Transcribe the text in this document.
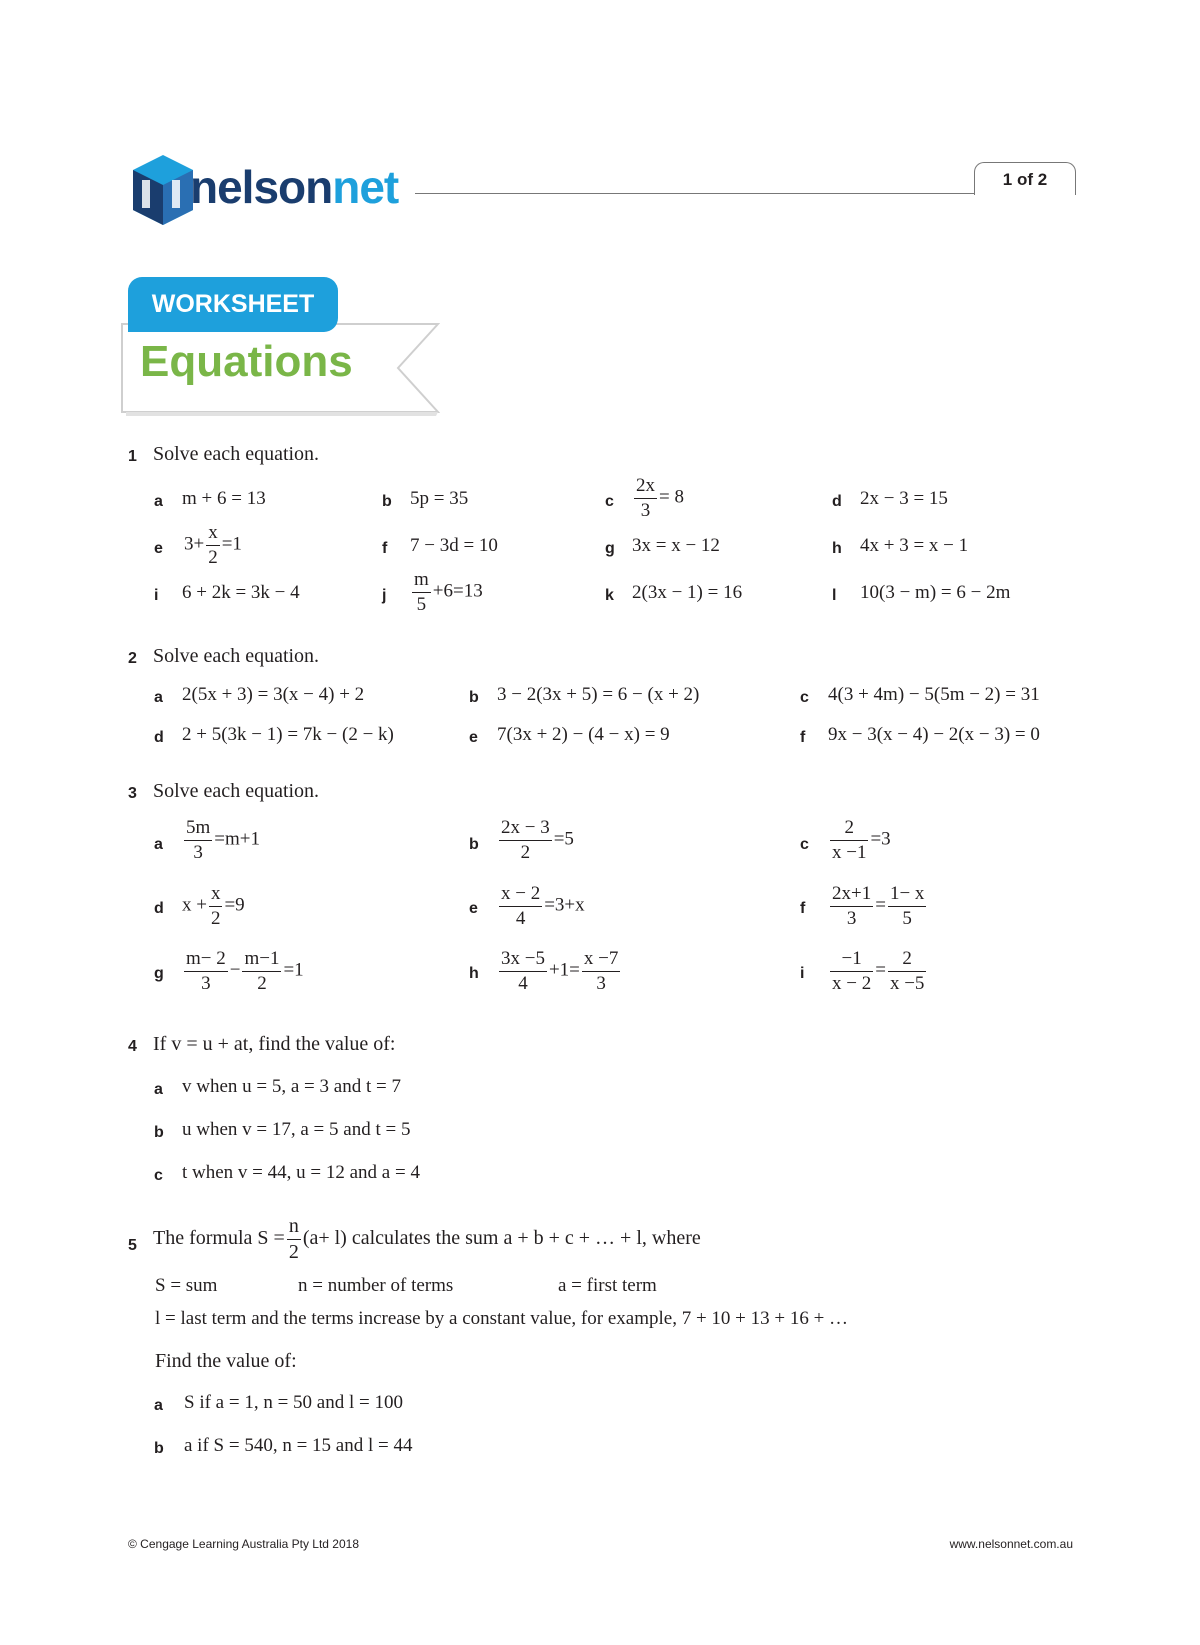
nelsonnet	1 of 2
WORKSHEET
Equations
1 Solve each equation.
a m + 6 = 13	b 5p = 35	c $\frac{2x}{3} = 8$	d 2x − 3 = 15
e $3+ \frac{x}{2} =1$	f 7 − 3d = 10	g 3x = x − 12	h 4x + 3 = x − 1
i 6 + 2k = 3k − 4	j $\frac{m}{5} +6=13$	k 2(3x − 1) = 16	l 10(3 − m) = 6 − 2m
2 Solve each equation.
a 2(5x + 3) = 3(x − 4) + 2	b 3 − 2(3x + 5) = 6 − (x + 2)	c 4(3 + 4m) − 5(5m − 2) = 31
d 2 + 5(3k − 1) = 7k − (2 − k)	e 7(3x + 2) − (4 − x) = 9	f 9x − 3(x − 4) − 2(x − 3) = 0
3 Solve each equation.
a $\frac{5m}{3} =m+1$	b $\frac{2x - 3}{2} =5$	c $\frac{2}{x -1} =3$
d $x + \frac{x}{2} =9$	e $\frac{x - 2}{4} =3+x$	f $\frac{2x+1}{3} = \frac{1- x}{5}$
g $\frac{m- 2}{3} - \frac{m-1}{2} =1$	h $\frac{3x -5}{4} +1= \frac{x -7}{3}$	i $\frac{-1}{x - 2} = \frac{2}{x -5}$
4 If v = u + at, find the value of:
a v when u = 5, a = 3 and t = 7
b u when v = 17, a = 5 and t = 5
c t when v = 44, u = 12 and a = 4
5 The formula $S = \frac{n}{2} (a+ l)$ calculates the sum a + b + c + … + l, where
S = sum	n = number of terms	a = first term
l = last term and the terms increase by a constant value, for example, 7 + 10 + 13 + 16 + …
Find the value of:
a S if a = 1, n = 50 and l = 100
b a if S = 540, n = 15 and l = 44
© Cengage Learning Australia Pty Ltd 2018	www.nelsonnet.com.au
